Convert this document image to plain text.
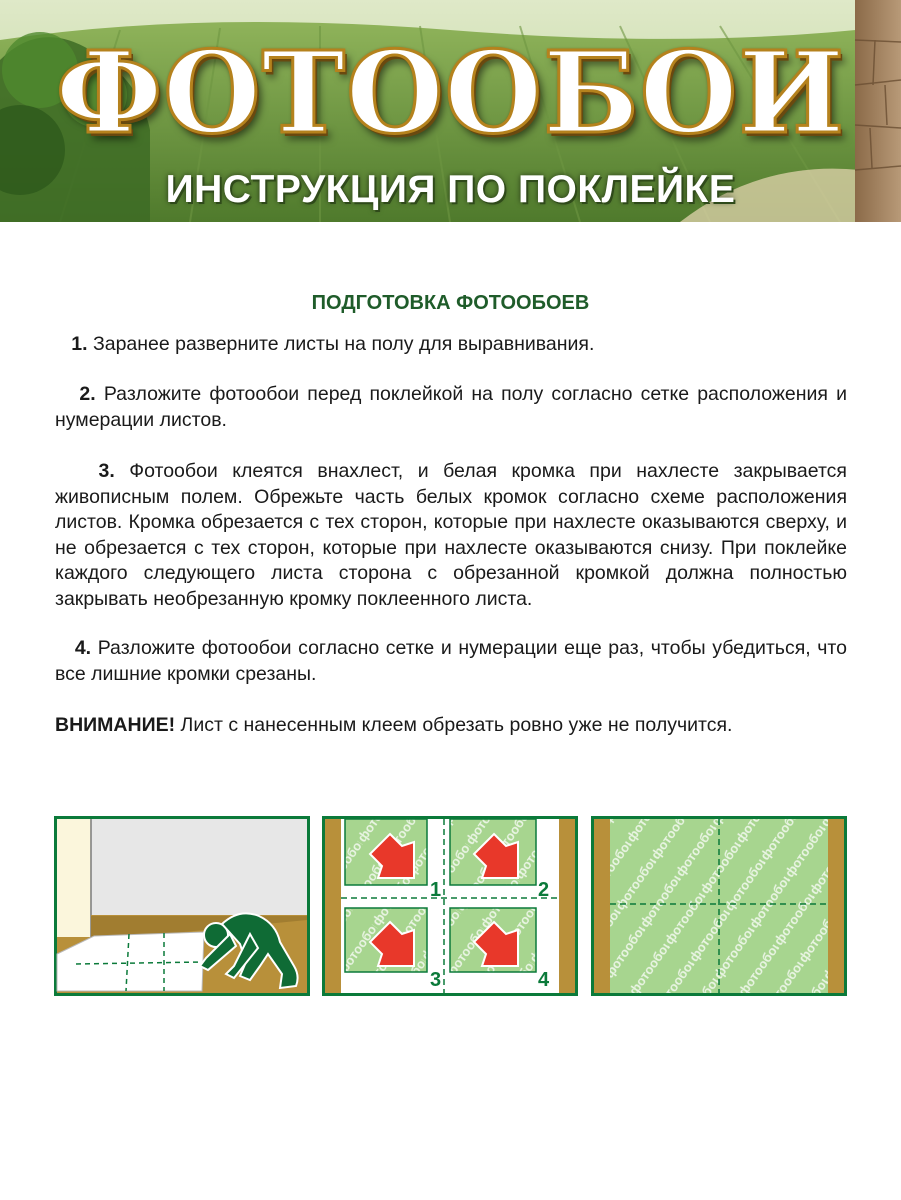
ФОТООБОИ
ИНСТРУКЦИЯ ПО ПОКЛЕЙКЕ
ПОДГОТОВКА ФОТООБОЕВ

1. Заранее разверните листы на полу для выравнивания.

2. Разложите фотообои перед поклейкой на полу согласно сетке расположения и нумерации листов.

3. Фотообои клеятся внахлест, и белая кромка при нахлесте закрывается живописным полем. Обрежьте часть белых кромок согласно схеме расположения листов. Кромка обрезается с тех сторон, которые при нахлесте оказываются сверху, и не обрезается с тех сторон, которые при нахлесте оказываются снизу. При поклейке каждого следующего листа сторона с обрезанной кромкой должна полностью закрывать необрезанную кромку поклеенного листа.

4. Разложите фотообои согласно сетке и нумерации еще раз, чтобы убедиться, что все лишние кромки срезаны.

ВНИМАНИЕ! Лист с нанесенным клеем обрезать ровно уже не получится.

1	2
3	4
